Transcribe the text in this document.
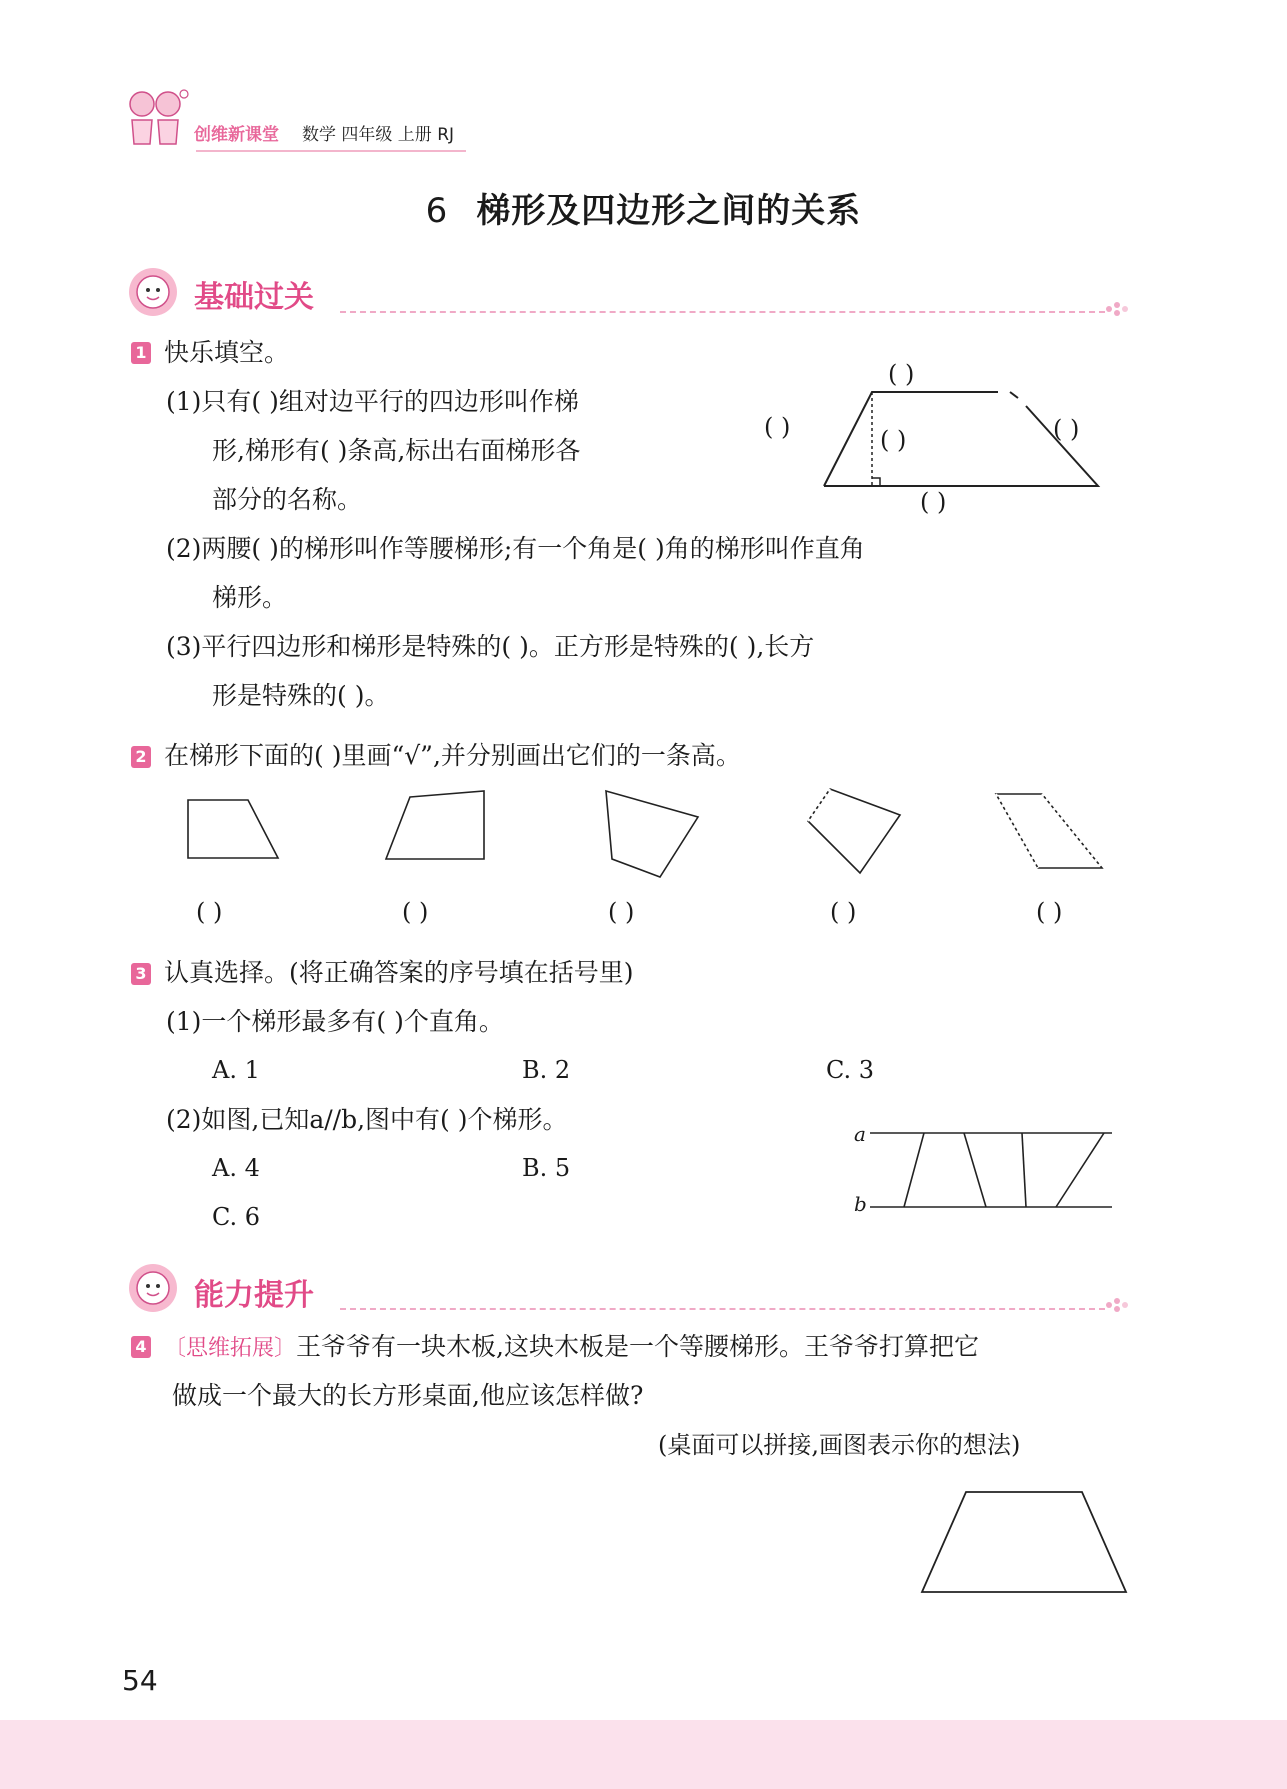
创维新课堂 数学 四年级 上册 RJ
6 梯形及四边形之间的关系
基础过关
1 快乐填空。
(1)只有( )组对边平行的四边形叫作梯
形,梯形有( )条高,标出右面梯形各
部分的名称。
( )
( )	( )	( )
( )
(2)两腰( )的梯形叫作等腰梯形;有一个角是( )角的梯形叫作直角
梯形。
(3)平行四边形和梯形是特殊的( )。正方形是特殊的( ),长方
形是特殊的( )。
2 在梯形下面的( )里画“√”,并分别画出它们的一条高。
( )	( )	( )	( )	( )
3 认真选择。(将正确答案的序号填在括号里)
(1)一个梯形最多有( )个直角。
A. 1	B. 2	C. 3
(2)如图,已知a//b,图中有( )个梯形。
A. 4	B. 5
C. 6
a
b
能力提升
4 〔思维拓展〕王爷爷有一块木板,这块木板是一个等腰梯形。王爷爷打算把它
做成一个最大的长方形桌面,他应该怎样做?
(桌面可以拼接,画图表示你的想法)
54
